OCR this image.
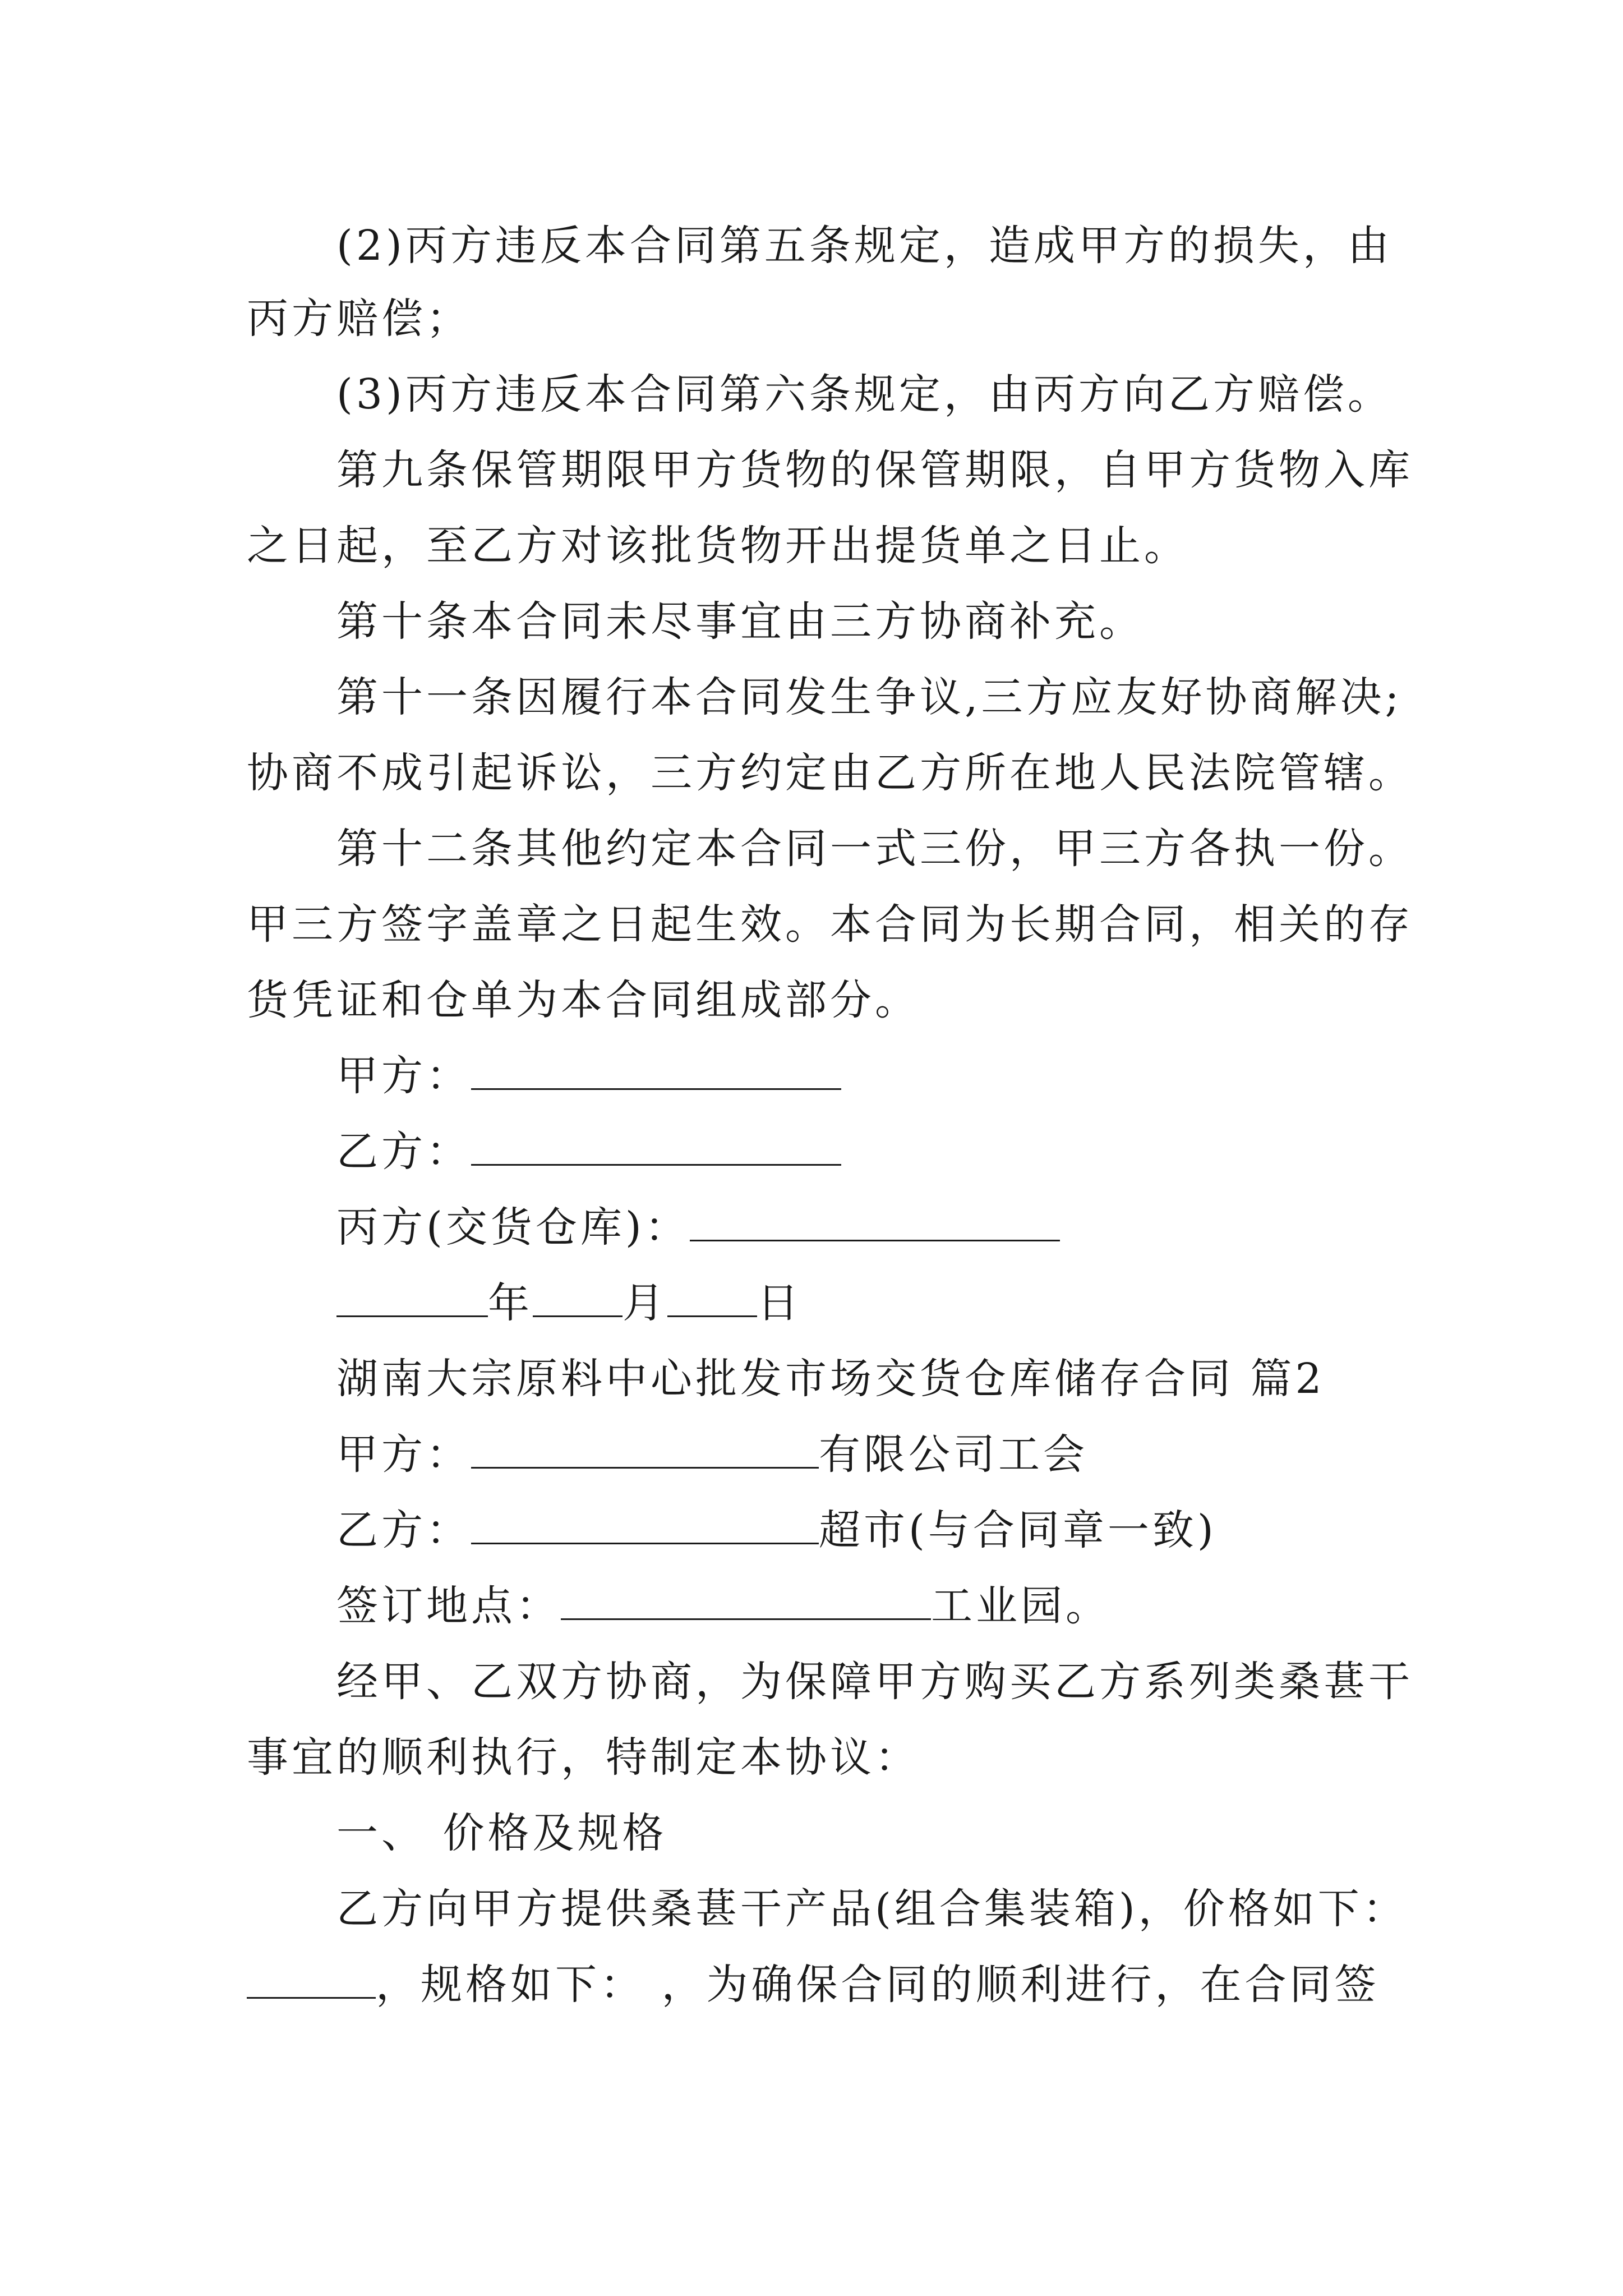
(2)丙方违反本合同第五条规定，造成甲方的损失，由
丙方赔偿；
(3)丙方违反本合同第六条规定，由丙方向乙方赔偿。
第九条保管期限甲方货物的保管期限，自甲方货物入库
之日起，至乙方对该批货物开出提货单之日止。
第十条本合同未尽事宜由三方协商补充。
第十一条因履行本合同发生争议,三方应友好协商解决;
协商不成引起诉讼，三方约定由乙方所在地人民法院管辖。
第十二条其他约定本合同一式三份，甲三方各执一份。
甲三方签字盖章之日起生效。本合同为长期合同，相关的存
货凭证和仓单为本合同组成部分。
甲方：
乙方：
丙方(交货仓库)：
年 月 日
湖南大宗原料中心批发市场交货仓库储存合同 篇2
甲方：	有限公司工会
乙方：	超市(与合同章一致)
签订地点：	工业园。
经甲、乙双方协商，为保障甲方购买乙方系列类桑葚干
事宜的顺利执行，特制定本协议：
一、 价格及规格
乙方向甲方提供桑葚干产品(组合集装箱)，价格如下：
，规格如下： ，为确保合同的顺利进行，在合同签
